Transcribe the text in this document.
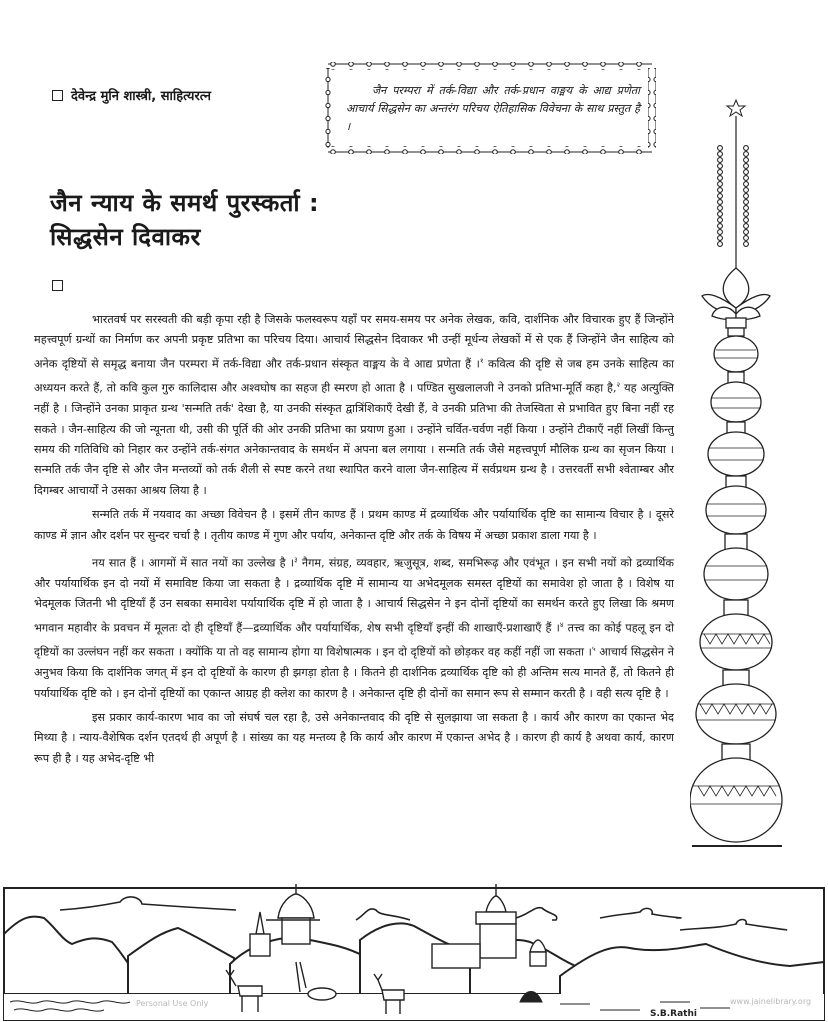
देवेन्द्र मुनि शास्त्री, साहित्यरत्न	जैन परम्परा में तर्क-विद्या और तर्क-प्रधान वाङ्मय के आद्य प्रणेता आचार्य सिद्धसेन का अन्तरंग परिचय ऐतिहासिक विवेचना के साथ प्रस्तुत है ।
जैन न्याय के समर्थ पुरस्कर्ता :
सिद्धसेन दिवाकर

भारतवर्ष पर सरस्वती की बड़ी कृपा रही है जिसके फलस्वरूप यहाँ पर समय-समय पर अनेक लेखक, कवि, दार्शनिक और विचारक हुए हैं जिन्होंने महत्त्वपूर्ण ग्रन्थों का निर्माण कर अपनी प्रकृष्ट प्रतिभा का परिचय दिया। आचार्य सिद्धसेन दिवाकर भी उन्हीं मूर्धन्य लेखकों में से एक हैं जिन्होंने जैन साहित्य को अनेक दृष्टियों से समृद्ध बनाया जैन परम्परा में तर्क-विद्या और तर्क-प्रधान संस्कृत वाङ्मय के वे आद्य प्रणेता हैं ।$^१$ कवित्व की दृष्टि से जब हम उनके साहित्य का अध्ययन करते हैं, तो कवि कुल गुरु कालिदास और अश्वघोष का सहज ही स्मरण हो आता है । पण्डित सुखलालजी ने उनको प्रतिभा-मूर्ति कहा है,$^२$ यह अत्युक्ति नहीं है । जिन्होंने उनका प्राकृत ग्रन्थ 'सन्मति तर्क' देखा है, या उनकी संस्कृत द्वात्रिंशिकाएँ देखी हैं, वे उनकी प्रतिभा की तेजस्विता से प्रभावित हुए बिना नहीं रह सकते । जैन-साहित्य की जो न्यूनता थी, उसी की पूर्ति की ओर उनकी प्रतिभा का प्रयाण हुआ । उन्होंने चर्वित-चर्वण नहीं किया । उन्होंने टीकाएँ नहीं लिखीं किन्तु समय की गतिविधि को निहार कर उन्होंने तर्क-संगत अनेकान्तवाद के समर्थन में अपना बल लगाया । सन्मति तर्क जैसे महत्त्वपूर्ण मौलिक ग्रन्थ का सृजन किया । सन्मति तर्क जैन दृष्टि से और जैन मन्तव्यों को तर्क शैली से स्पष्ट करने तथा स्थापित करने वाला जैन-साहित्य में सर्वप्रथम ग्रन्थ है । उत्तरवर्ती सभी श्वेताम्बर और दिगम्बर आचार्यों ने उसका आश्रय लिया है ।

सन्मति तर्क में नयवाद का अच्छा विवेचन है । इसमें तीन काण्ड हैं । प्रथम काण्ड में द्रव्यार्थिक और पर्यायार्थिक दृष्टि का सामान्य विचार है । दूसरे काण्ड में ज्ञान और दर्शन पर सुन्दर चर्चा है । तृतीय काण्ड में गुण और पर्याय, अनेकान्त दृष्टि और तर्क के विषय में अच्छा प्रकाश डाला गया है ।

नय सात हैं । आगमों में सात नयों का उल्लेख है ।$^३$ नैगम, संग्रह, व्यवहार, ऋजुसूत्र, शब्द, समभिरूढ़ और एवंभूत । इन सभी नयों को द्रव्यार्थिक और पर्यायार्थिक इन दो नयों में समाविष्ट किया जा सकता है । द्रव्यार्थिक दृष्टि में सामान्य या अभेदमूलक समस्त दृष्टियों का समावेश हो जाता है । विशेष या भेदमूलक जितनी भी दृष्टियाँ हैं उन सबका समावेश पर्यायार्थिक दृष्टि में हो जाता है । आचार्य सिद्धसेन ने इन दोनों दृष्टियों का समर्थन करते हुए लिखा कि श्रमण भगवान महावीर के प्रवचन में मूलतः दो ही दृष्टियाँ हैं—द्रव्यार्थिक और पर्यायार्थिक, शेष सभी दृष्टियाँ इन्हीं की शाखाएँ-प्रशाखाएँ हैं ।$^४$ तत्त्व का कोई पहलू इन दो दृष्टियों का उल्लंघन नहीं कर सकता । क्योंकि या तो वह सामान्य होगा या विशेषात्मक । इन दो दृष्टियों को छोड़कर वह कहीं नहीं जा सकता ।$^५$ आचार्य सिद्धसेन ने अनुभव किया कि दार्शनिक जगत् में इन दो दृष्टियों के कारण ही झगड़ा होता है । कितने ही दार्शनिक द्रव्यार्थिक दृष्टि को ही अन्तिम सत्य मानते हैं, तो कितने ही पर्यायार्थिक दृष्टि को । इन दोनों दृष्टियों का एकान्त आग्रह ही क्लेश का कारण है । अनेकान्त दृष्टि ही दोनों का समान रूप से सम्मान करती है । वही सत्य दृष्टि है ।

इस प्रकार कार्य-कारण भाव का जो संघर्ष चल रहा है, उसे अनेकान्तवाद की दृष्टि से सुलझाया जा सकता है । कार्य और कारण का एकान्त भेद मिथ्या है । न्याय-वैशेषिक दर्शन एतदर्थ ही अपूर्ण है । सांख्य का यह मन्तव्य है कि कार्य और कारण में एकान्त अभेद है । कारण ही कार्य है अथवा कार्य, कारण रूप ही है । यह अभेद-दृष्टि भी

S.B.Rathi
Personal Use Only	www.jainelibrary.org
